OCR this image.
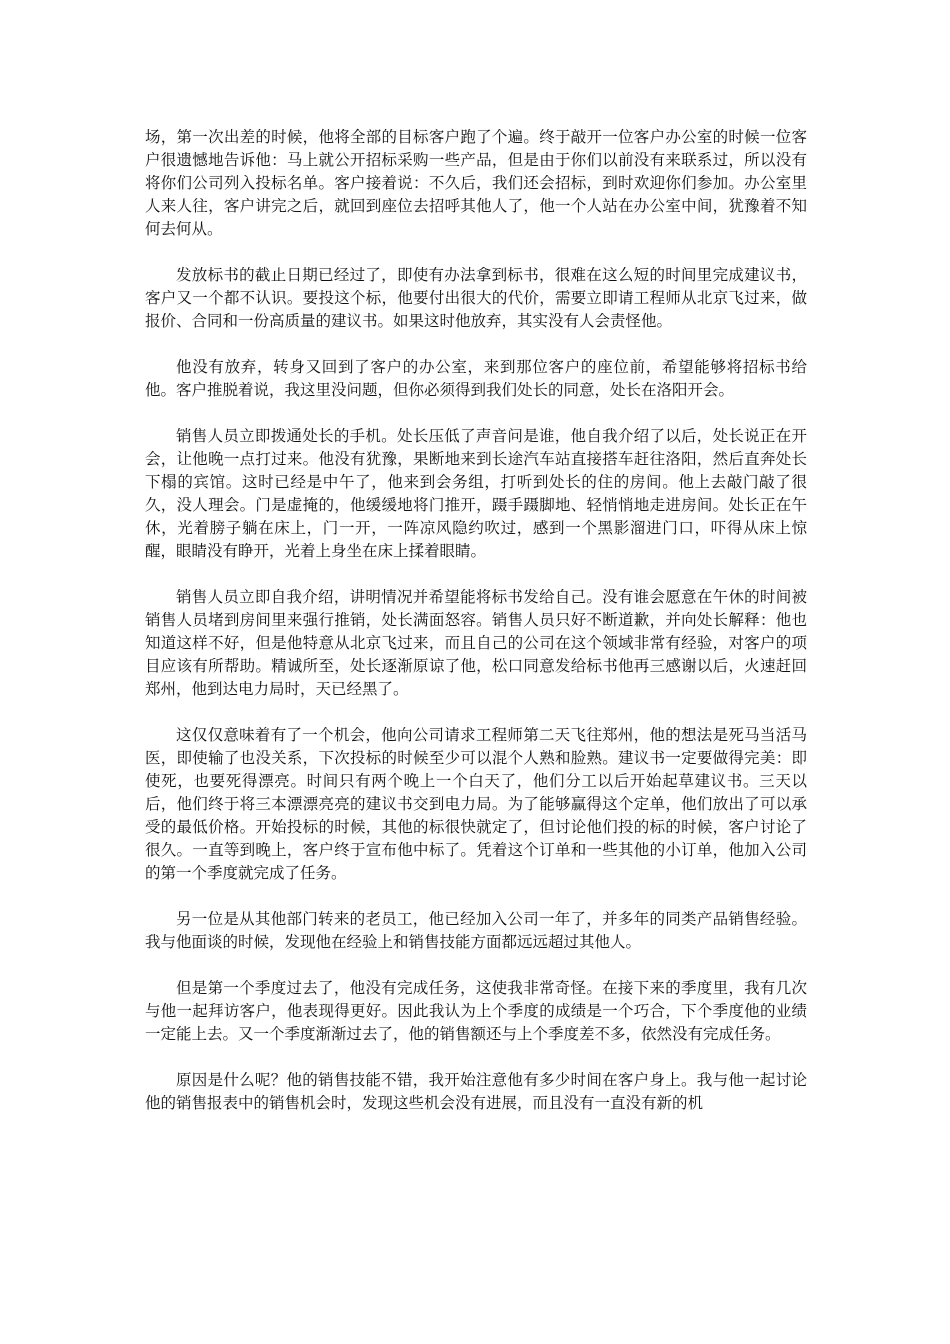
场，第一次出差的时候，他将全部的目标客户跑了个遍。终于敲开一位客户办公室的时候一位客户很遗憾地告诉他：马上就公开招标采购一些产品，但是由于你们以前没有来联系过，所以没有将你们公司列入投标名单。客户接着说：不久后，我们还会招标，到时欢迎你们参加。办公室里人来人往，客户讲完之后，就回到座位去招呼其他人了，他一个人站在办公室中间，犹豫着不知何去何从。

发放标书的截止日期已经过了，即使有办法拿到标书，很难在这么短的时间里完成建议书，客户又一个都不认识。要投这个标，他要付出很大的代价，需要立即请工程师从北京飞过来，做报价、合同和一份高质量的建议书。如果这时他放弃，其实没有人会责怪他。

他没有放弃，转身又回到了客户的办公室，来到那位客户的座位前，希望能够将招标书给他。客户推脱着说，我这里没问题，但你必须得到我们处长的同意，处长在洛阳开会。

销售人员立即拨通处长的手机。处长压低了声音问是谁，他自我介绍了以后，处长说正在开会，让他晚一点打过来。他没有犹豫，果断地来到长途汽车站直接搭车赶往洛阳，然后直奔处长下榻的宾馆。这时已经是中午了，他来到会务组，打听到处长的住的房间。他上去敲门敲了很久，没人理会。门是虚掩的，他缓缓地将门推开，蹑手蹑脚地、轻悄悄地走进房间。处长正在午休，光着膀子躺在床上，门一开，一阵凉风隐约吹过，感到一个黑影溜进门口，吓得从床上惊醒，眼睛没有睁开，光着上身坐在床上揉着眼睛。

销售人员立即自我介绍，讲明情况并希望能将标书发给自己。没有谁会愿意在午休的时间被销售人员堵到房间里来强行推销，处长满面怒容。销售人员只好不断道歉，并向处长解释：他也知道这样不好，但是他特意从北京飞过来，而且自己的公司在这个领域非常有经验，对客户的项目应该有所帮助。精诚所至，处长逐渐原谅了他，松口同意发给标书他再三感谢以后，火速赶回郑州，他到达电力局时，天已经黑了。

这仅仅意味着有了一个机会，他向公司请求工程师第二天飞往郑州，他的想法是死马当活马医，即使输了也没关系，下次投标的时候至少可以混个人熟和脸熟。建议书一定要做得完美：即使死，也要死得漂亮。时间只有两个晚上一个白天了，他们分工以后开始起草建议书。三天以后，他们终于将三本漂漂亮亮的建议书交到电力局。为了能够赢得这个定单，他们放出了可以承受的最低价格。开始投标的时候，其他的标很快就定了，但讨论他们投的标的时候，客户讨论了很久。一直等到晚上，客户终于宣布他中标了。凭着这个订单和一些其他的小订单，他加入公司的第一个季度就完成了任务。

另一位是从其他部门转来的老员工，他已经加入公司一年了，并多年的同类产品销售经验。我与他面谈的时候，发现他在经验上和销售技能方面都远远超过其他人。

但是第一个季度过去了，他没有完成任务，这使我非常奇怪。在接下来的季度里，我有几次与他一起拜访客户，他表现得更好。因此我认为上个季度的成绩是一个巧合，下个季度他的业绩一定能上去。又一个季度渐渐过去了，他的销售额还与上个季度差不多，依然没有完成任务。

原因是什么呢？他的销售技能不错，我开始注意他有多少时间在客户身上。我与他一起讨论他的销售报表中的销售机会时，发现这些机会没有进展，而且没有一直没有新的机
